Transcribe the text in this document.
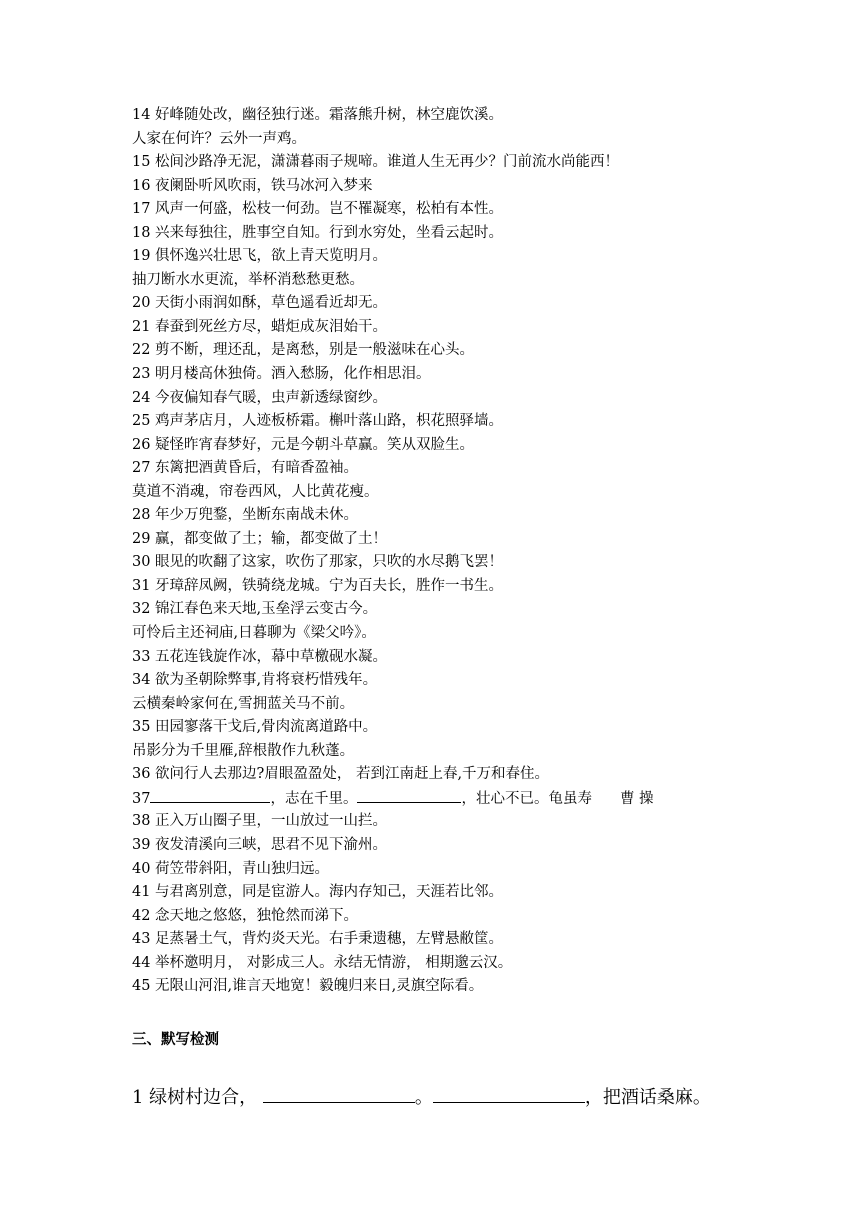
14 好峰随处改，幽径独行迷。霜落熊升树，林空鹿饮溪。
人家在何许？云外一声鸡。
15 松间沙路净无泥，潇潇暮雨子规啼。谁道人生无再少？门前流水尚能西！
16 夜阑卧听风吹雨，铁马冰河入梦来
17 风声一何盛，松枝一何劲。岂不罹凝寒，松柏有本性。
18 兴来每独往，胜事空自知。行到水穷处，坐看云起时。
19 俱怀逸兴壮思飞，欲上青天览明月。
抽刀断水水更流，举杯消愁愁更愁。
20 天街小雨润如酥，草色遥看近却无。
21 春蚕到死丝方尽，蜡炬成灰泪始干。
22 剪不断，理还乱，是离愁，别是一般滋味在心头。
23 明月楼高休独倚。酒入愁肠，化作相思泪。
24 今夜偏知春气暖，虫声新透绿窗纱。
25 鸡声茅店月，人迹板桥霜。槲叶落山路，枳花照驿墙。
26 疑怪昨宵春梦好，元是今朝斗草赢。笑从双脸生。
27 东篱把酒黄昏后，有暗香盈袖。
莫道不消魂，帘卷西风，人比黄花瘦。
28 年少万兜鍪，坐断东南战未休。
29 赢，都变做了土；输，都变做了土！
30 眼见的吹翻了这家，吹伤了那家，只吹的水尽鹅飞罢！
31 牙璋辞凤阙，铁骑绕龙城。宁为百夫长，胜作一书生。
32 锦江春色来天地,玉垒浮云变古今。
可怜后主还祠庙,日暮聊为《梁父吟》。
33 五花连钱旋作冰，幕中草檄砚水凝。
34 欲为圣朝除弊事,肯将衰朽惜残年。
云横秦岭家何在,雪拥蓝关马不前。
35 田园寥落干戈后,骨肉流离道路中。
吊影分为千里雁,辞根散作九秋蓬。
36 欲问行人去那边?眉眼盈盈处， 若到江南赶上春,千万和春住。
37	，志在千里。	，壮心不已。龟虽寿 曹 操
38 正入万山圈子里，一山放过一山拦。
39 夜发清溪向三峡，思君不见下渝州。
40 荷笠带斜阳，青山独归远。
41 与君离别意，同是宦游人。海内存知己，天涯若比邻。
42 念天地之悠悠，独怆然而涕下。
43 足蒸暑土气，背灼炎天光。右手秉遗穗，左臂悬敝筐。
44 举杯邀明月， 对影成三人。永结无情游， 相期邈云汉。
45 无限山河泪,谁言天地宽！毅魄归来日,灵旗空际看。
三、默写检测
1 绿树村边合，	。	，把酒话桑麻。
